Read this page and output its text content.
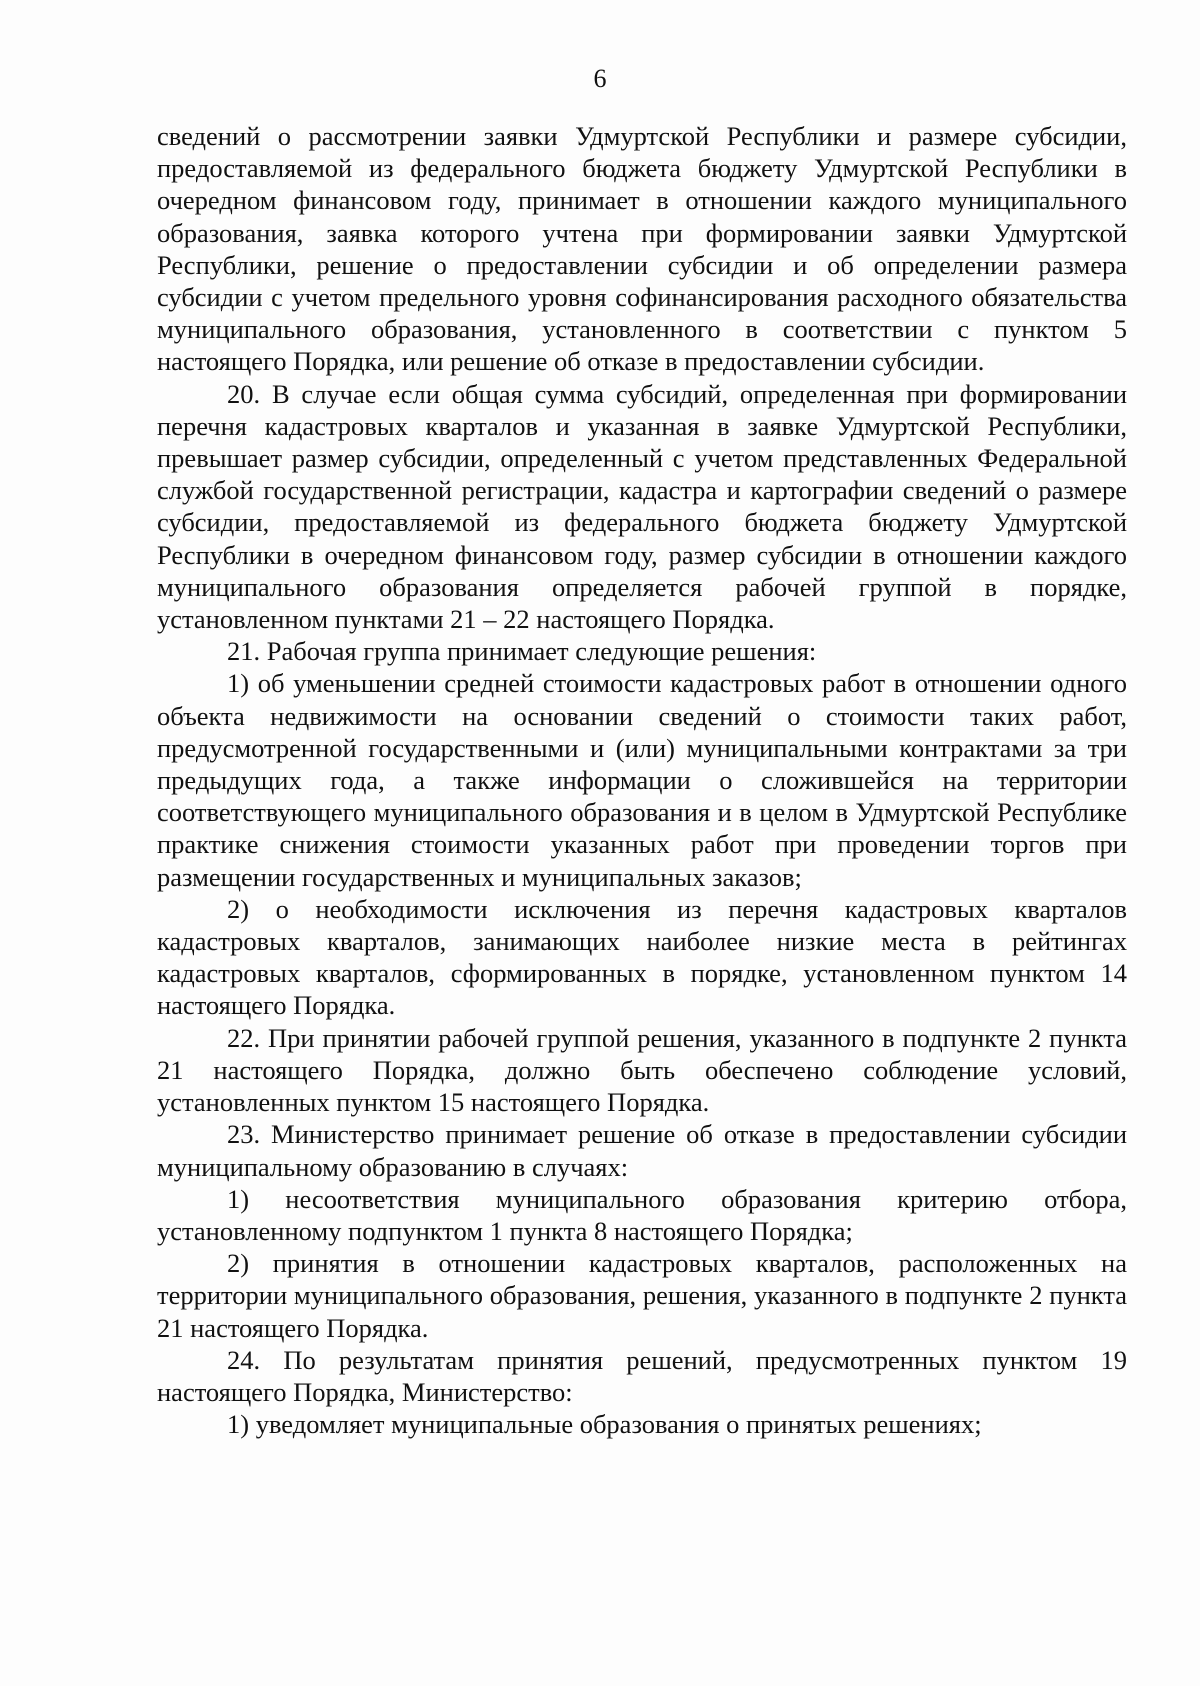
6

сведений о рассмотрении заявки Удмуртской Республики и размере субсидии, предоставляемой из федерального бюджета бюджету Удмуртской Республики в очередном финансовом году, принимает в отношении каждого муниципального образования, заявка которого учтена при формировании заявки Удмуртской Республики, решение о предоставлении субсидии и об определении размера субсидии с учетом предельного уровня софинансирования расходного обязательства муниципального образования, установленного в соответствии с пунктом 5 настоящего Порядка, или решение об отказе в предоставлении субсидии.

20. В случае если общая сумма субсидий, определенная при формировании перечня кадастровых кварталов и указанная в заявке Удмуртской Республики, превышает размер субсидии, определенный с учетом представленных Федеральной службой государственной регистрации, кадастра и картографии сведений о размере субсидии, предоставляемой из федерального бюджета бюджету Удмуртской Республики в очередном финансовом году, размер субсидии в отношении каждого муниципального образования определяется рабочей группой в порядке, установленном пунктами 21 – 22 настоящего Порядка.

21. Рабочая группа принимает следующие решения:

1) об уменьшении средней стоимости кадастровых работ в отношении одного объекта недвижимости на основании сведений о стоимости таких работ, предусмотренной государственными и (или) муниципальными контрактами за три предыдущих года, а также информации о сложившейся на территории соответствующего муниципального образования и в целом в Удмуртской Республике практике снижения стоимости указанных работ при проведении торгов при размещении государственных и муниципальных заказов;

2) о необходимости исключения из перечня кадастровых кварталов кадастровых кварталов, занимающих наиболее низкие места в рейтингах кадастровых кварталов, сформированных в порядке, установленном пунктом 14 настоящего Порядка.

22. При принятии рабочей группой решения, указанного в подпункте 2 пункта 21 настоящего Порядка, должно быть обеспечено соблюдение условий, установленных пунктом 15 настоящего Порядка.

23. Министерство принимает решение об отказе в предоставлении субсидии муниципальному образованию в случаях:

1) несоответствия муниципального образования критерию отбора, установленному подпунктом 1 пункта 8 настоящего Порядка;

2) принятия в отношении кадастровых кварталов, расположенных на территории муниципального образования, решения, указанного в подпункте 2 пункта 21 настоящего Порядка.

24. По результатам принятия решений, предусмотренных пунктом 19 настоящего Порядка, Министерство:

1) уведомляет муниципальные образования о принятых решениях;
